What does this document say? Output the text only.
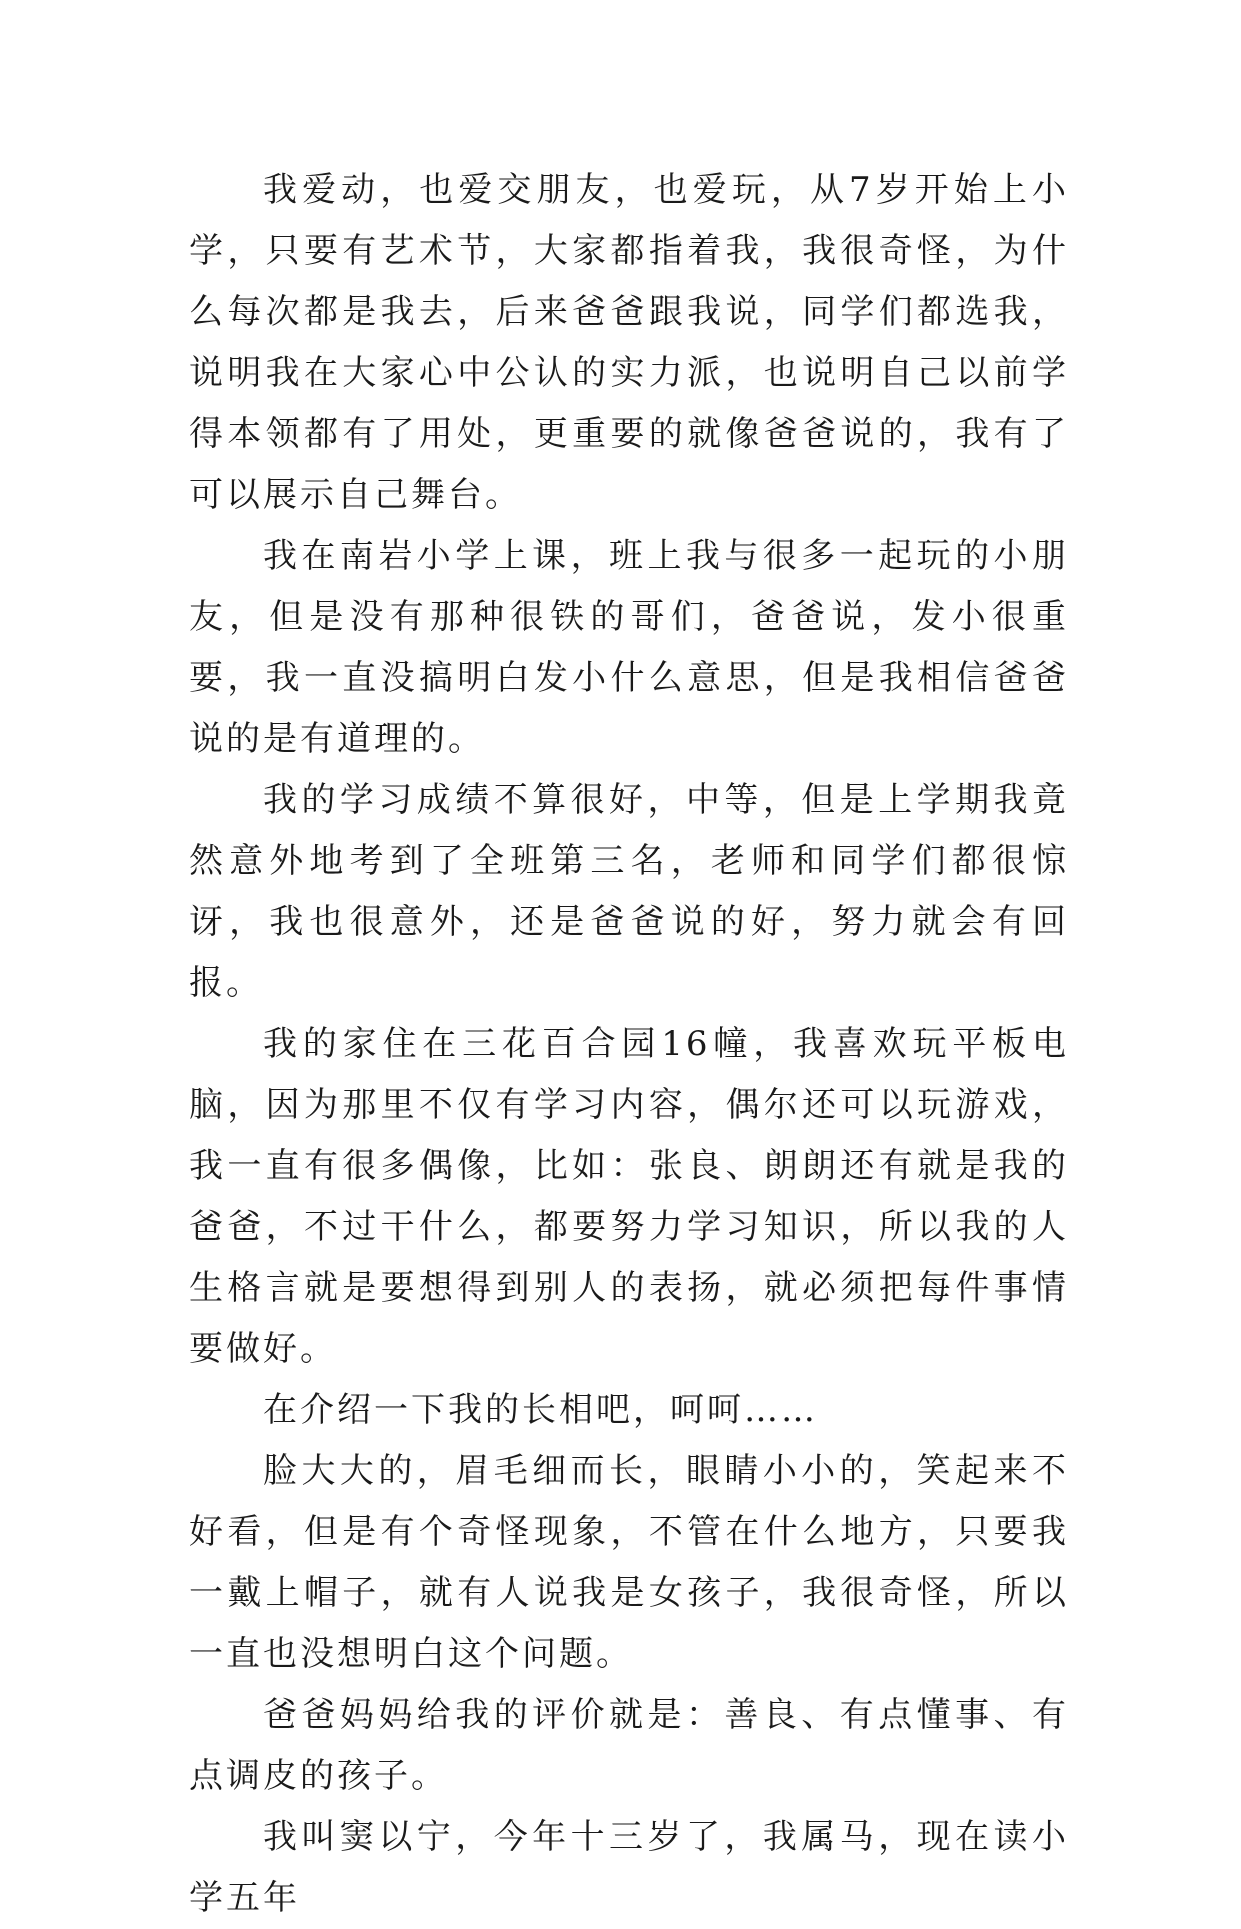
我爱动，也爱交朋友，也爱玩，从7岁开始上小学，只要有艺术节，大家都指着我，我很奇怪，为什么每次都是我去，后来爸爸跟我说，同学们都选我，说明我在大家心中公认的实力派，也说明自己以前学得本领都有了用处，更重要的就像爸爸说的，我有了可以展示自己舞台。

我在南岩小学上课，班上我与很多一起玩的小朋友，但是没有那种很铁的哥们，爸爸说，发小很重要，我一直没搞明白发小什么意思，但是我相信爸爸说的是有道理的。

我的学习成绩不算很好，中等，但是上学期我竟然意外地考到了全班第三名，老师和同学们都很惊讶，我也很意外，还是爸爸说的好，努力就会有回报。

我的家住在三花百合园16幢，我喜欢玩平板电脑，因为那里不仅有学习内容，偶尔还可以玩游戏，我一直有很多偶像，比如：张良、朗朗还有就是我的爸爸，不过干什么，都要努力学习知识，所以我的人生格言就是要想得到别人的表扬，就必须把每件事情要做好。

在介绍一下我的长相吧，呵呵……

脸大大的，眉毛细而长，眼睛小小的，笑起来不好看，但是有个奇怪现象，不管在什么地方，只要我一戴上帽子，就有人说我是女孩子，我很奇怪，所以一直也没想明白这个问题。

爸爸妈妈给我的评价就是：善良、有点懂事、有点调皮的孩子。

我叫窦以宁，今年十三岁了，我属马，现在读小学五年
